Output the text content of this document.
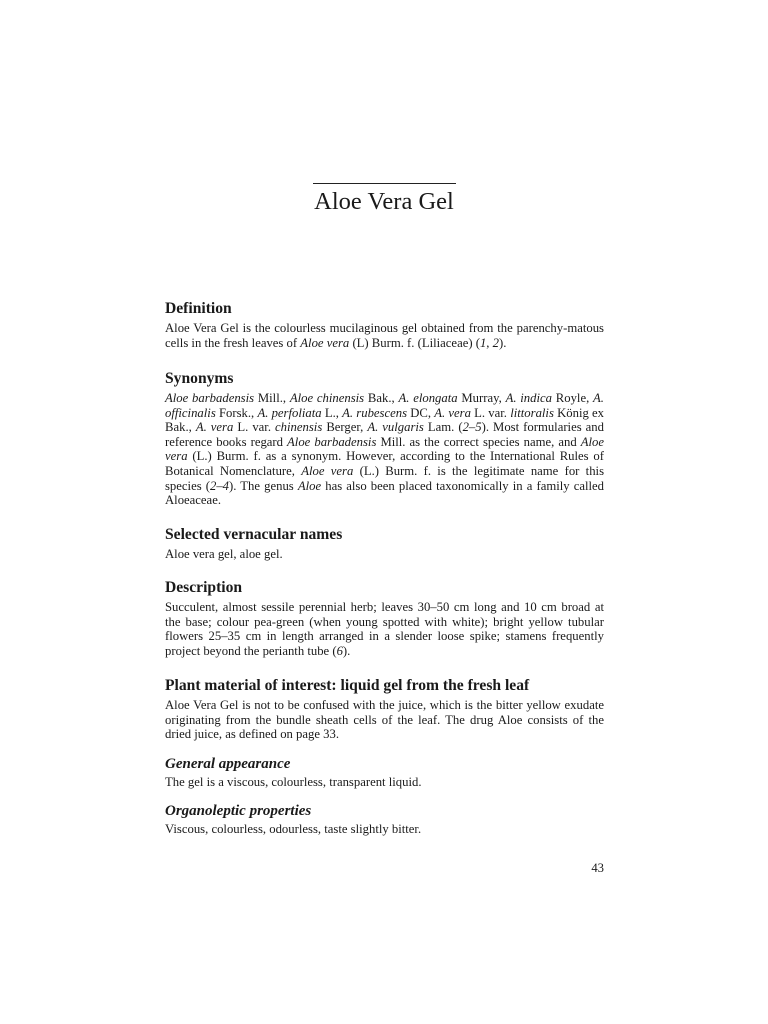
Aloe Vera Gel
Definition

Aloe Vera Gel is the colourless mucilaginous gel obtained from the parenchy-matous cells in the fresh leaves of Aloe vera (L) Burm. f. (Liliaceae) (1, 2).

Synonyms

Aloe barbadensis Mill., Aloe chinensis Bak., A. elongata Murray, A. indica Royle, A. officinalis Forsk., A. perfoliata L., A. rubescens DC, A. vera L. var. littoralis König ex Bak., A. vera L. var. chinensis Berger, A. vulgaris Lam. (2–5). Most formularies and reference books regard Aloe barbadensis Mill. as the correct species name, and Aloe vera (L.) Burm. f. as a synonym. However, according to the International Rules of Botanical Nomenclature, Aloe vera (L.) Burm. f. is the legitimate name for this species (2–4). The genus Aloe has also been placed taxonomically in a family called Aloeaceae.

Selected vernacular names

Aloe vera gel, aloe gel.

Description

Succulent, almost sessile perennial herb; leaves 30–50 cm long and 10 cm broad at the base; colour pea-green (when young spotted with white); bright yellow tubular flowers 25–35 cm in length arranged in a slender loose spike; stamens frequently project beyond the perianth tube (6).

Plant material of interest: liquid gel from the fresh leaf

Aloe Vera Gel is not to be confused with the juice, which is the bitter yellow exudate originating from the bundle sheath cells of the leaf. The drug Aloe consists of the dried juice, as defined on page 33.

General appearance

The gel is a viscous, colourless, transparent liquid.

Organoleptic properties

Viscous, colourless, odourless, taste slightly bitter.

43
